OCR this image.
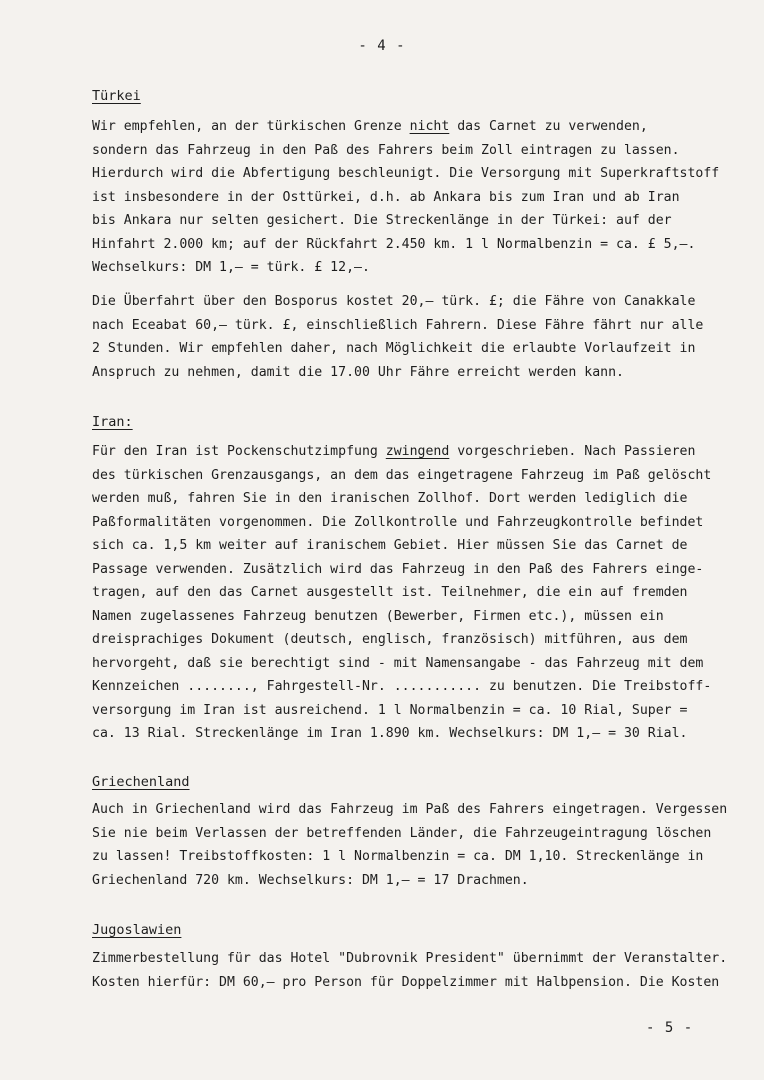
- 4 -
Türkei
Wir empfehlen, an der türkischen Grenze nicht das Carnet zu verwenden,
sondern das Fahrzeug in den Paß des Fahrers beim Zoll eintragen zu lassen.
Hierdurch wird die Abfertigung beschleunigt. Die Versorgung mit Superkraftstoff
ist insbesondere in der Osttürkei, d.h. ab Ankara bis zum Iran und ab Iran
bis Ankara nur selten gesichert. Die Streckenlänge in der Türkei: auf der
Hinfahrt 2.000 km; auf der Rückfahrt 2.450 km. 1 l Normalbenzin = ca. £ 5,—.
Wechselkurs: DM 1,— = türk. £ 12,—.
Die Überfahrt über den Bosporus kostet 20,— türk. £; die Fähre von Canakkale
nach Eceabat 60,— türk. £, einschließlich Fahrern. Diese Fähre fährt nur alle
2 Stunden. Wir empfehlen daher, nach Möglichkeit die erlaubte Vorlaufzeit in
Anspruch zu nehmen, damit die 17.00 Uhr Fähre erreicht werden kann.
Iran:
Für den Iran ist Pockenschutzimpfung zwingend vorgeschrieben. Nach Passieren
des türkischen Grenzausgangs, an dem das eingetragene Fahrzeug im Paß gelöscht
werden muß, fahren Sie in den iranischen Zollhof. Dort werden lediglich die
Paßformalitäten vorgenommen. Die Zollkontrolle und Fahrzeugkontrolle befindet
sich ca. 1,5 km weiter auf iranischem Gebiet. Hier müssen Sie das Carnet de
Passage verwenden. Zusätzlich wird das Fahrzeug in den Paß des Fahrers einge-
tragen, auf den das Carnet ausgestellt ist. Teilnehmer, die ein auf fremden
Namen zugelassenes Fahrzeug benutzen (Bewerber, Firmen etc.), müssen ein
dreisprachiges Dokument (deutsch, englisch, französisch) mitführen, aus dem
hervorgeht, daß sie berechtigt sind - mit Namensangabe - das Fahrzeug mit dem
Kennzeichen ........, Fahrgestell-Nr. ........... zu benutzen. Die Treibstoff-
versorgung im Iran ist ausreichend. 1 l Normalbenzin = ca. 10 Rial, Super =
ca. 13 Rial. Streckenlänge im Iran 1.890 km. Wechselkurs: DM 1,— = 30 Rial.
Griechenland
Auch in Griechenland wird das Fahrzeug im Paß des Fahrers eingetragen. Vergessen
Sie nie beim Verlassen der betreffenden Länder, die Fahrzeugeintragung löschen
zu lassen! Treibstoffkosten: 1 l Normalbenzin = ca. DM 1,10. Streckenlänge in
Griechenland 720 km. Wechselkurs: DM 1,— = 17 Drachmen.
Jugoslawien
Zimmerbestellung für das Hotel "Dubrovnik President" übernimmt der Veranstalter.
Kosten hierfür: DM 60,— pro Person für Doppelzimmer mit Halbpension. Die Kosten
- 5 -
